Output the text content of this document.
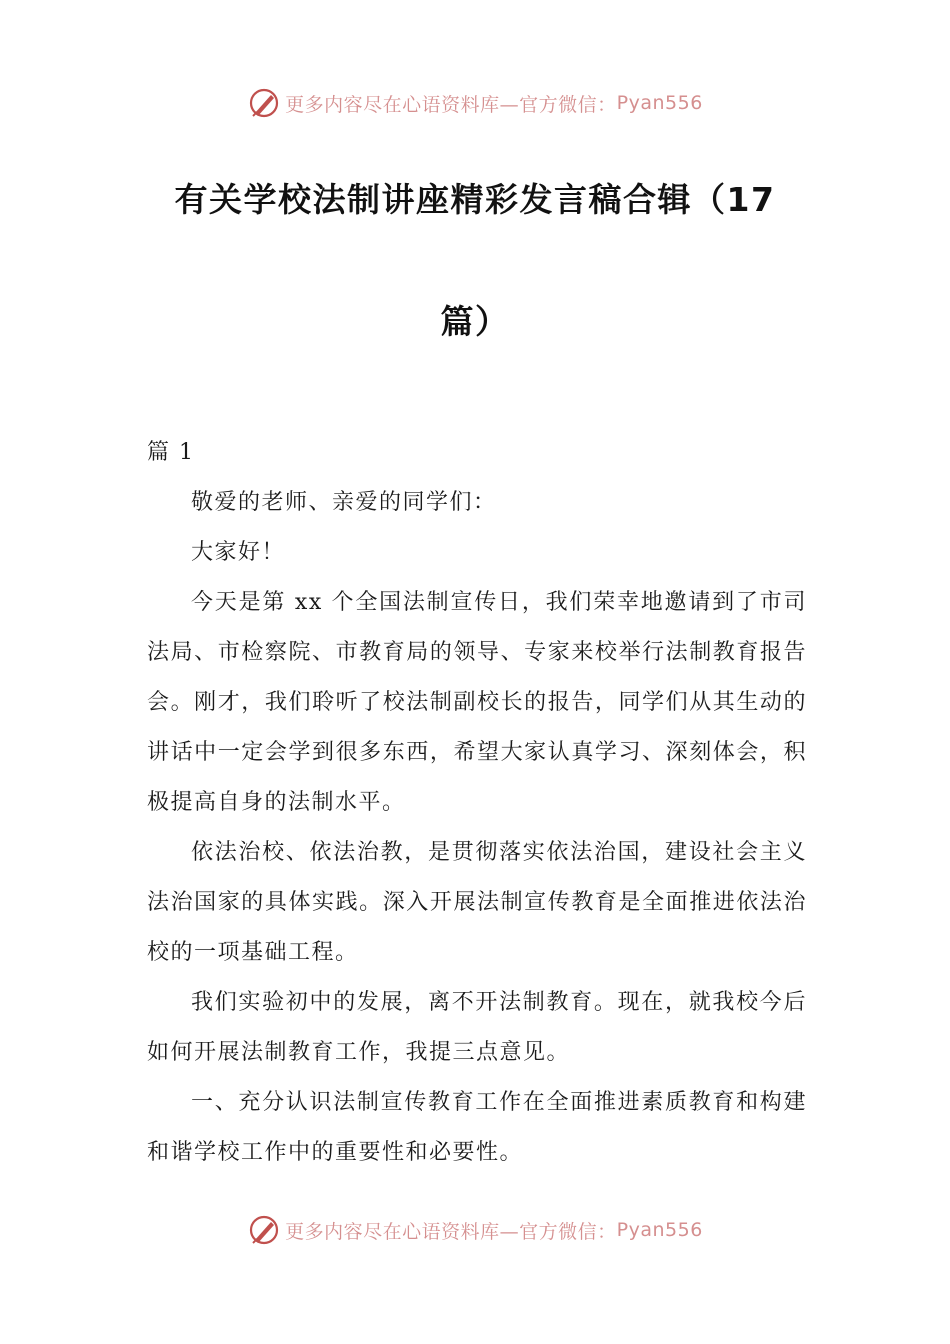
更多内容尽在心语资料库—官方微信： Pyan556
有关学校法制讲座精彩发言稿合辑（17
篇）

篇 1

敬爱的老师、亲爱的同学们：

大家好！

今天是第 xx 个全国法制宣传日，我们荣幸地邀请到了市司法局、市检察院、市教育局的领导、专家来校举行法制教育报告会。刚才，我们聆听了校法制副校长的报告，同学们从其生动的讲话中一定会学到很多东西，希望大家认真学习、深刻体会，积极提高自身的法制水平。

依法治校、依法治教，是贯彻落实依法治国，建设社会主义法治国家的具体实践。深入开展法制宣传教育是全面推进依法治校的一项基础工程。

我们实验初中的发展，离不开法制教育。现在，就我校今后如何开展法制教育工作，我提三点意见。

一、充分认识法制宣传教育工作在全面推进素质教育和构建和谐学校工作中的重要性和必要性。

更多内容尽在心语资料库—官方微信： Pyan556
